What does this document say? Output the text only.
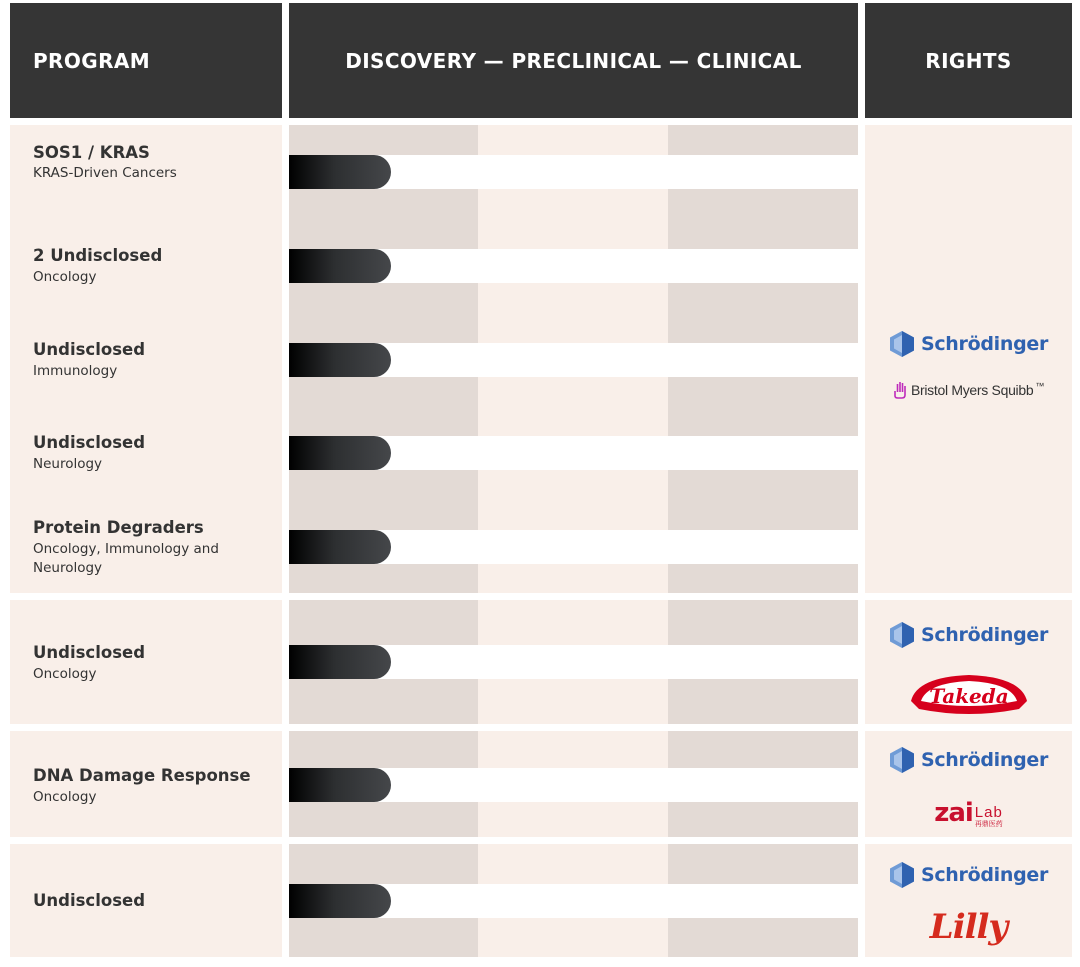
PROGRAM	DISCOVERY — PRECLINICAL — CLINICAL	RIGHTS
SOS1 / KRAS
KRAS-Driven Cancers
2 Undisclosed
Oncology
Undisclosed
Immunology
Undisclosed
Neurology
Protein Degraders
Oncology, Immunology and Neurology
Undisclosed
Oncology
DNA Damage Response
Oncology
Undisclosed
Schrödinger
Bristol Myers Squibb ™
Schrödinger
Takeda
Schrödinger
zai Lab
再鼎医药
Schrödinger
Lilly
